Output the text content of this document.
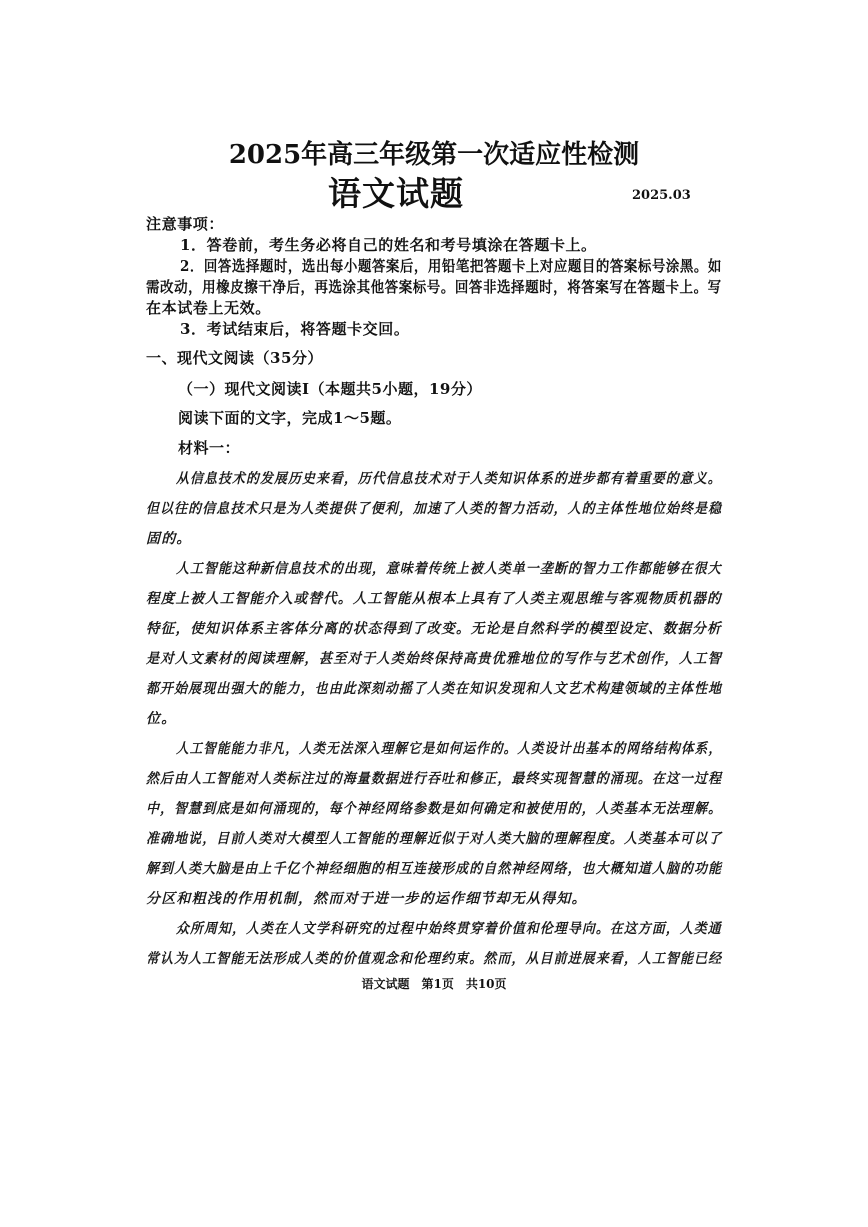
2025年高三年级第一次适应性检测
语文试题	2025.03
注意事项：
1．答卷前，考生务必将自己的姓名和考号填涂在答题卡上。
2．回答选择题时，选出每小题答案后，用铅笔把答题卡上对应题目的答案标号涂黑。如
需改动，用橡皮擦干净后，再选涂其他答案标号。回答非选择题时，将答案写在答题卡上。写
在本试卷上无效。
3．考试结束后，将答题卡交回。
一、现代文阅读（35分）
（一）现代文阅读Ⅰ（本题共5小题，19分）
阅读下面的文字，完成1～5题。
材料一：
从信息技术的发展历史来看，历代信息技术对于人类知识体系的进步都有着重要的意义。
但以往的信息技术只是为人类提供了便利，加速了人类的智力活动，人的主体性地位始终是稳
固的。
人工智能这种新信息技术的出现，意味着传统上被人类单一垄断的智力工作都能够在很大
程度上被人工智能介入或替代。人工智能从根本上具有了人类主观思维与客观物质机器的
特征，使知识体系主客体分离的状态得到了改变。无论是自然科学的模型设定、数据分析
是对人文素材的阅读理解，甚至对于人类始终保持高贵优雅地位的写作与艺术创作，人工智
都开始展现出强大的能力，也由此深刻动摇了人类在知识发现和人文艺术构建领域的主体性地
位。
人工智能能力非凡，人类无法深入理解它是如何运作的。人类设计出基本的网络结构体系，
然后由人工智能对人类标注过的海量数据进行吞吐和修正，最终实现智慧的涌现。在这一过程
中，智慧到底是如何涌现的，每个神经网络参数是如何确定和被使用的，人类基本无法理解。
准确地说，目前人类对大模型人工智能的理解近似于对人类大脑的理解程度。人类基本可以了
解到人类大脑是由上千亿个神经细胞的相互连接形成的自然神经网络，也大概知道人脑的功能
分区和粗浅的作用机制，然而对于进一步的运作细节却无从得知。
众所周知，人类在人文学科研究的过程中始终贯穿着价值和伦理导向。在这方面，人类通
常认为人工智能无法形成人类的价值观念和伦理约束。然而，从目前进展来看，人工智能已经
语文试题　第1页　共10页
